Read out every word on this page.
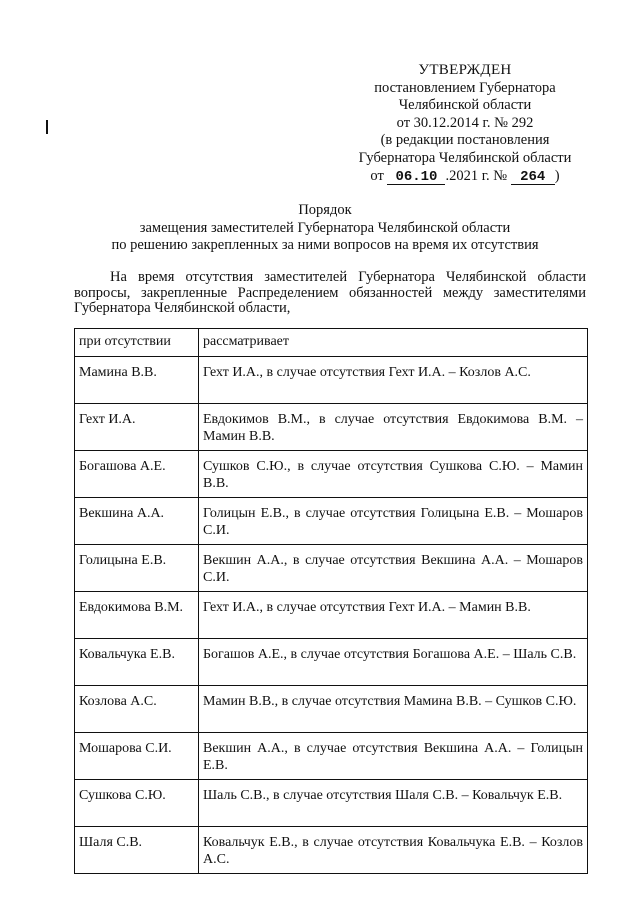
УТВЕРЖДЕН
постановлением Губернатора
Челябинской области
от 30.12.2014 г. № 292
(в редакции постановления
Губернатора Челябинской области
от 06.10 .2021 г. № 264 )
Порядок
замещения заместителей Губернатора Челябинской области
по решению закрепленных за ними вопросов на время их отсутствия
На время отсутствия заместителей Губернатора Челябинской области вопросы, закрепленные Распределением обязанностей между заместителями Губернатора Челябинской области,
при отсутствии	рассматривает
Мамина В.В.	Гехт И.А., в случае отсутствия Гехт И.А. – Козлов А.С.
Гехт И.А.	Евдокимов В.М., в случае отсутствия Евдокимова В.М. – Мамин В.В.
Богашова А.Е.	Сушков С.Ю., в случае отсутствия Сушкова С.Ю. – Мамин В.В.
Векшина А.А.	Голицын Е.В., в случае отсутствия Голицына Е.В. – Мошаров С.И.
Голицына Е.В.	Векшин А.А., в случае отсутствия Векшина А.А. – Мошаров С.И.
Евдокимова В.М.	Гехт И.А., в случае отсутствия Гехт И.А. – Мамин В.В.
Ковальчука Е.В.	Богашов А.Е., в случае отсутствия Богашова А.Е. – Шаль С.В.
Козлова А.С.	Мамин В.В., в случае отсутствия Мамина В.В. – Сушков С.Ю.
Мошарова С.И.	Векшин А.А., в случае отсутствия Векшина А.А. – Голицын Е.В.
Сушкова С.Ю.	Шаль С.В., в случае отсутствия Шаля С.В. – Ковальчук Е.В.
Шаля С.В.	Ковальчук Е.В., в случае отсутствия Ковальчука Е.В. – Козлов А.С.
